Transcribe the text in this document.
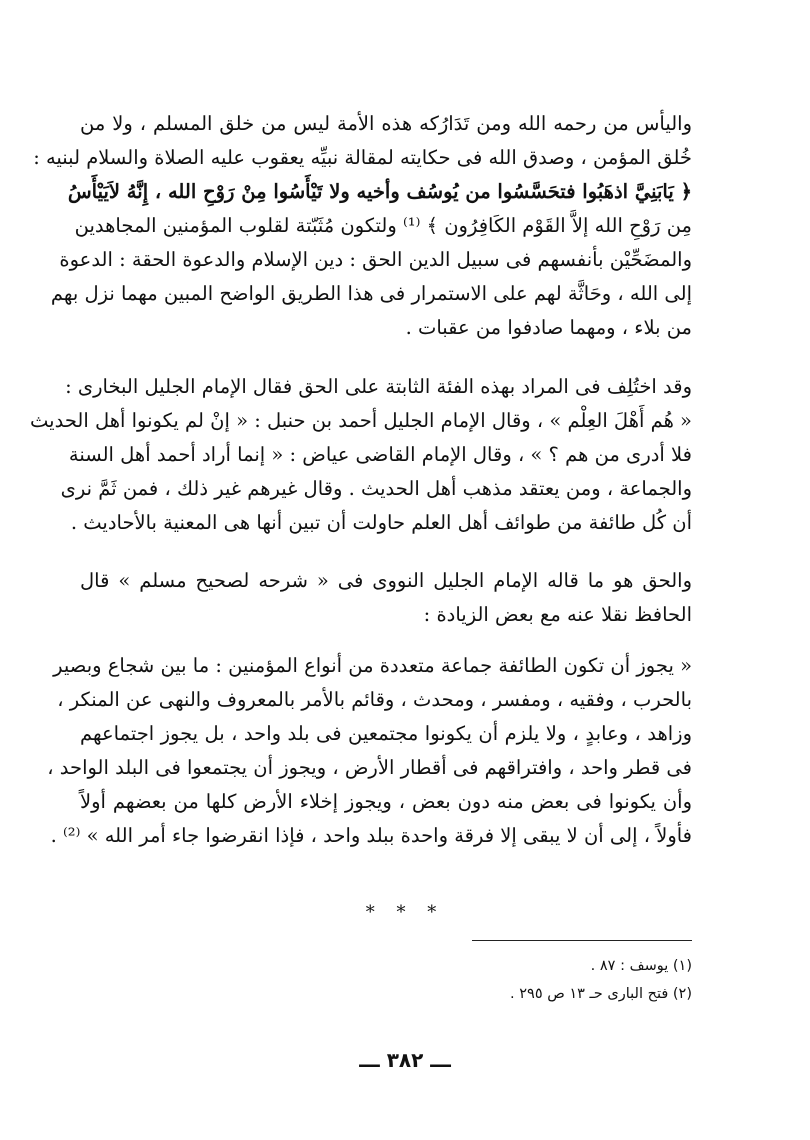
واليأس من رحمه الله ومن تَدَارُكه هذه الأمة ليس من خلق المسلم ، ولا من
خُلق المؤمن ، وصدق الله فى حكايته لمقالة نبيِّه يعقوب عليه الصلاة والسلام لبنيه :
﴿ يَابَنِيَّ اذهَبُوا فتحَسَّسُوا من يُوسُف وأخيه ولا تَيْأَسُوا مِنْ رَوْحِ الله ، إِنَّهُ لاَيَيْأَسُ
مِن رَوْحِ الله إلاَّ القَوْم الكَافِرُون ﴾ ⁽¹⁾ ولتكون مُثَبّتة لقلوب المؤمنين المجاهدين
والمضَحِّيْن بأنفسهم فى سبيل الدين الحق : دين الإسلام والدعوة الحقة : الدعوة
إلى الله ، وحَاثَّة لهم على الاستمرار فى هذا الطريق الواضح المبين مهما نزل بهم
من بلاء ، ومهما صادفوا من عقبات .
وقد اختُلِف فى المراد بهذه الفئة الثابتة على الحق فقال الإمام الجليل البخارى :
« هُم أَهْلَ العِلْم » ، وقال الإمام الجليل أحمد بن حنبل : « إنْ لم يكونوا أهل الحديث
فلا أدرى من هم ؟ » ، وقال الإمام القاضى عياض : « إنما أراد أحمد أهل السنة
والجماعة ، ومن يعتقد مذهب أهل الحديث . وقال غيرهم غير ذلك ، فمن ثَمَّ نرى
أن كُل طائفة من طوائف أهل العلم حاولت أن تبين أنها هى المعنية بالأحاديث .
والحق هو ما قاله الإمام الجليل النووى فى « شرحه لصحيح مسلم » قال
الحافظ نقلا عنه مع بعض الزيادة :
« يجوز أن تكون الطائفة جماعة متعددة من أنواع المؤمنين : ما بين شجاع وبصير
بالحرب ، وفقيه ، ومفسر ، ومحدث ، وقائم بالأمر بالمعروف والنهى عن المنكر ،
وزاهد ، وعابدٍ ، ولا يلزم أن يكونوا مجتمعين فى بلد واحد ، بل يجوز اجتماعهم
فى قطر واحد ، وافتراقهم فى أقطار الأرض ، ويجوز أن يجتمعوا فى البلد الواحد ،
وأن يكونوا فى بعض منه دون بعض ، ويجوز إخلاء الأرض كلها من بعضهم أولاً
فأولاً ، إلى أن لا يبقى إلا فرقة واحدة ببلد واحد ، فإذا انقرضوا جاء أمر الله » ⁽²⁾ .
* * *
(١) يوسف : ٨٧ .
(٢) فتح البارى حـ ١٣ ص ٢٩٥ .
ـــ ٣٨٢ ـــ
